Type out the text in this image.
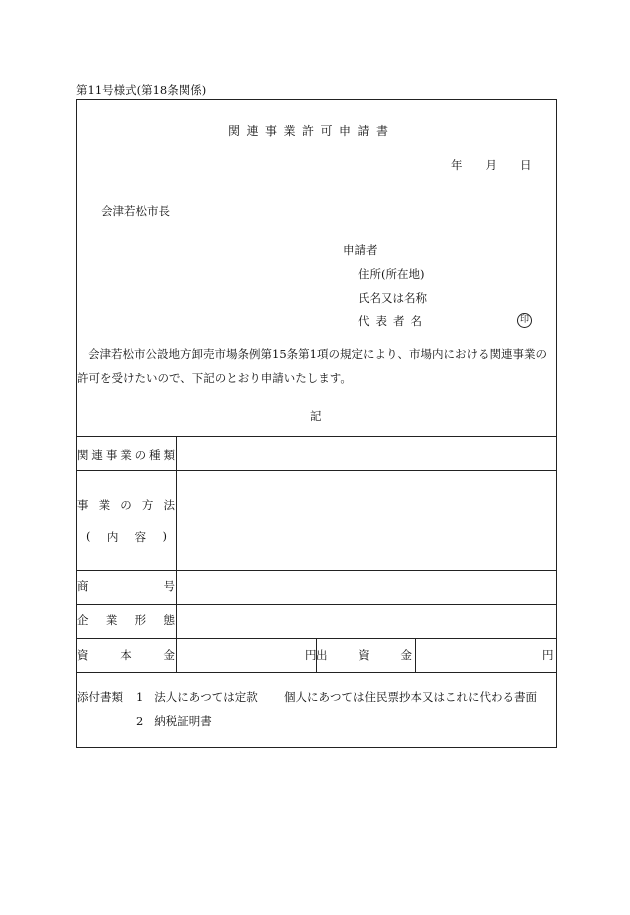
第11号様式(第18条関係)
関連事業許可申請書
年　　月　　日
会津若松市長
申請者
住所(所在地)
氏名又は名称
代表者名	印
会津若松市公設地方卸売市場条例第15条第1項の規定により、市場内における関連事業の
許可を受けたいので、下記のとおり申請いたします。
記
関 連 事 業 の 種 類
事 業 の 方 法
( 内 容 )
商	号
企 業 形 態
資	本	金	円 出	資	金	円
添付書類 1 法人にあつては定款 個人にあつては住民票抄本又はこれに代わる書面
2 納税証明書
